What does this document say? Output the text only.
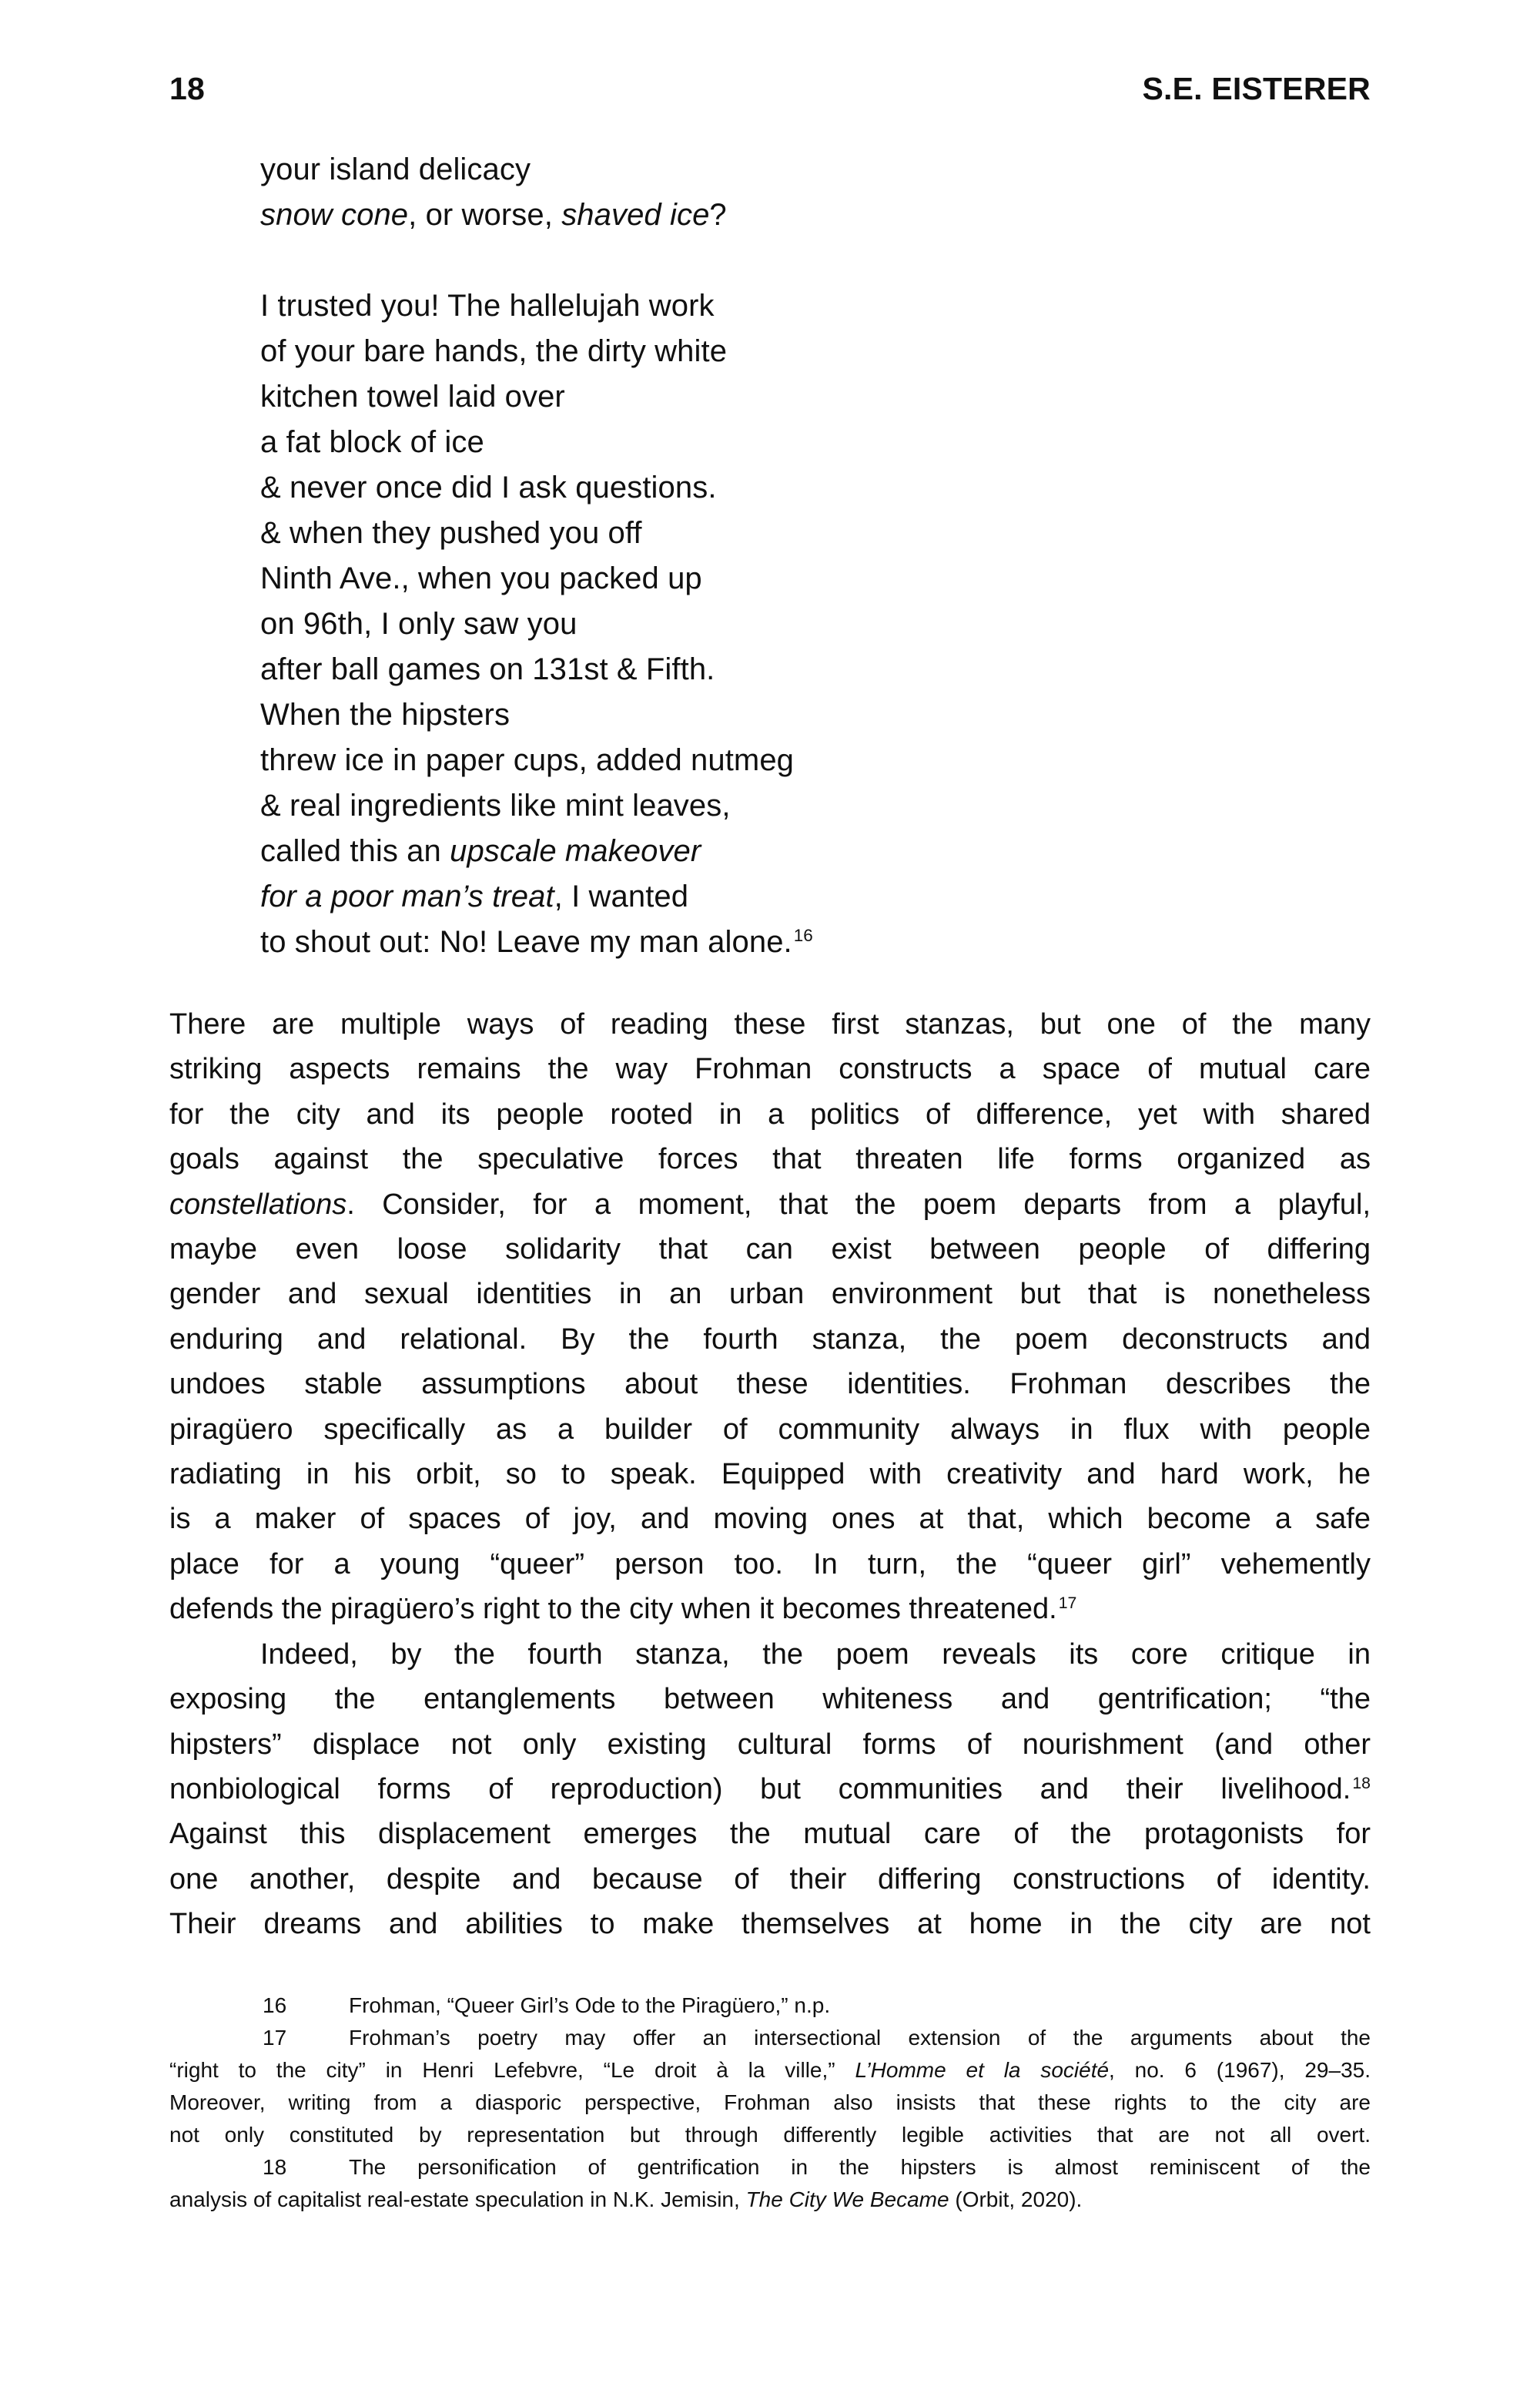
18	S.E. EISTERER
your island delicacy
snow cone, or worse, shaved ice?
I trusted you! The hallelujah work
of your bare hands, the dirty white
kitchen towel laid over
a fat block of ice
& never once did I ask questions.
& when they pushed you off
Ninth Ave., when you packed up
on 96th, I only saw you
after ball games on 131st & Fifth.
When the hipsters
threw ice in paper cups, added nutmeg
& real ingredients like mint leaves,
called this an upscale makeover
for a poor man’s treat, I wanted
to shout out: No! Leave my man alone.$^{16}$
There are multiple ways of reading these first stanzas, but one of the many
striking aspects remains the way Frohman constructs a space of mutual care
for the city and its people rooted in a politics of difference, yet with shared
goals against the speculative forces that threaten life forms organized as
constellations. Consider, for a moment, that the poem departs from a playful,
maybe even loose solidarity that can exist between people of differing
gender and sexual identities in an urban environment but that is nonetheless
enduring and relational. By the fourth stanza, the poem deconstructs and
undoes stable assumptions about these identities. Frohman describes the
piragüero specifically as a builder of community always in flux with people
radiating in his orbit, so to speak. Equipped with creativity and hard work, he
is a maker of spaces of joy, and moving ones at that, which become a safe
place for a young “queer” person too. In turn, the “queer girl” vehemently
defends the piragüero’s right to the city when it becomes threatened.$^{17}$
Indeed, by the fourth stanza, the poem reveals its core critique in
exposing the entanglements between whiteness and gentrification; “the
hipsters” displace not only existing cultural forms of nourishment (and other
nonbiological forms of reproduction) but communities and their livelihood.$^{18}$
Against this displacement emerges the mutual care of the protagonists for
one another, despite and because of their differing constructions of identity.
Their dreams and abilities to make themselves at home in the city are not
16	Frohman, “Queer Girl’s Ode to the Piragüero,” n.p.
17	Frohman’s poetry may offer an intersectional extension of the arguments about the
“right to the city” in Henri Lefebvre, “Le droit à la ville,” L’Homme et la société, no. 6 (1967), 29–35.
Moreover, writing from a diasporic perspective, Frohman also insists that these rights to the city are
not only constituted by representation but through differently legible activities that are not all overt.
18	The personification of gentrification in the hipsters is almost reminiscent of the
analysis of capitalist real-estate speculation in N.K. Jemisin, The City We Became (Orbit, 2020).
